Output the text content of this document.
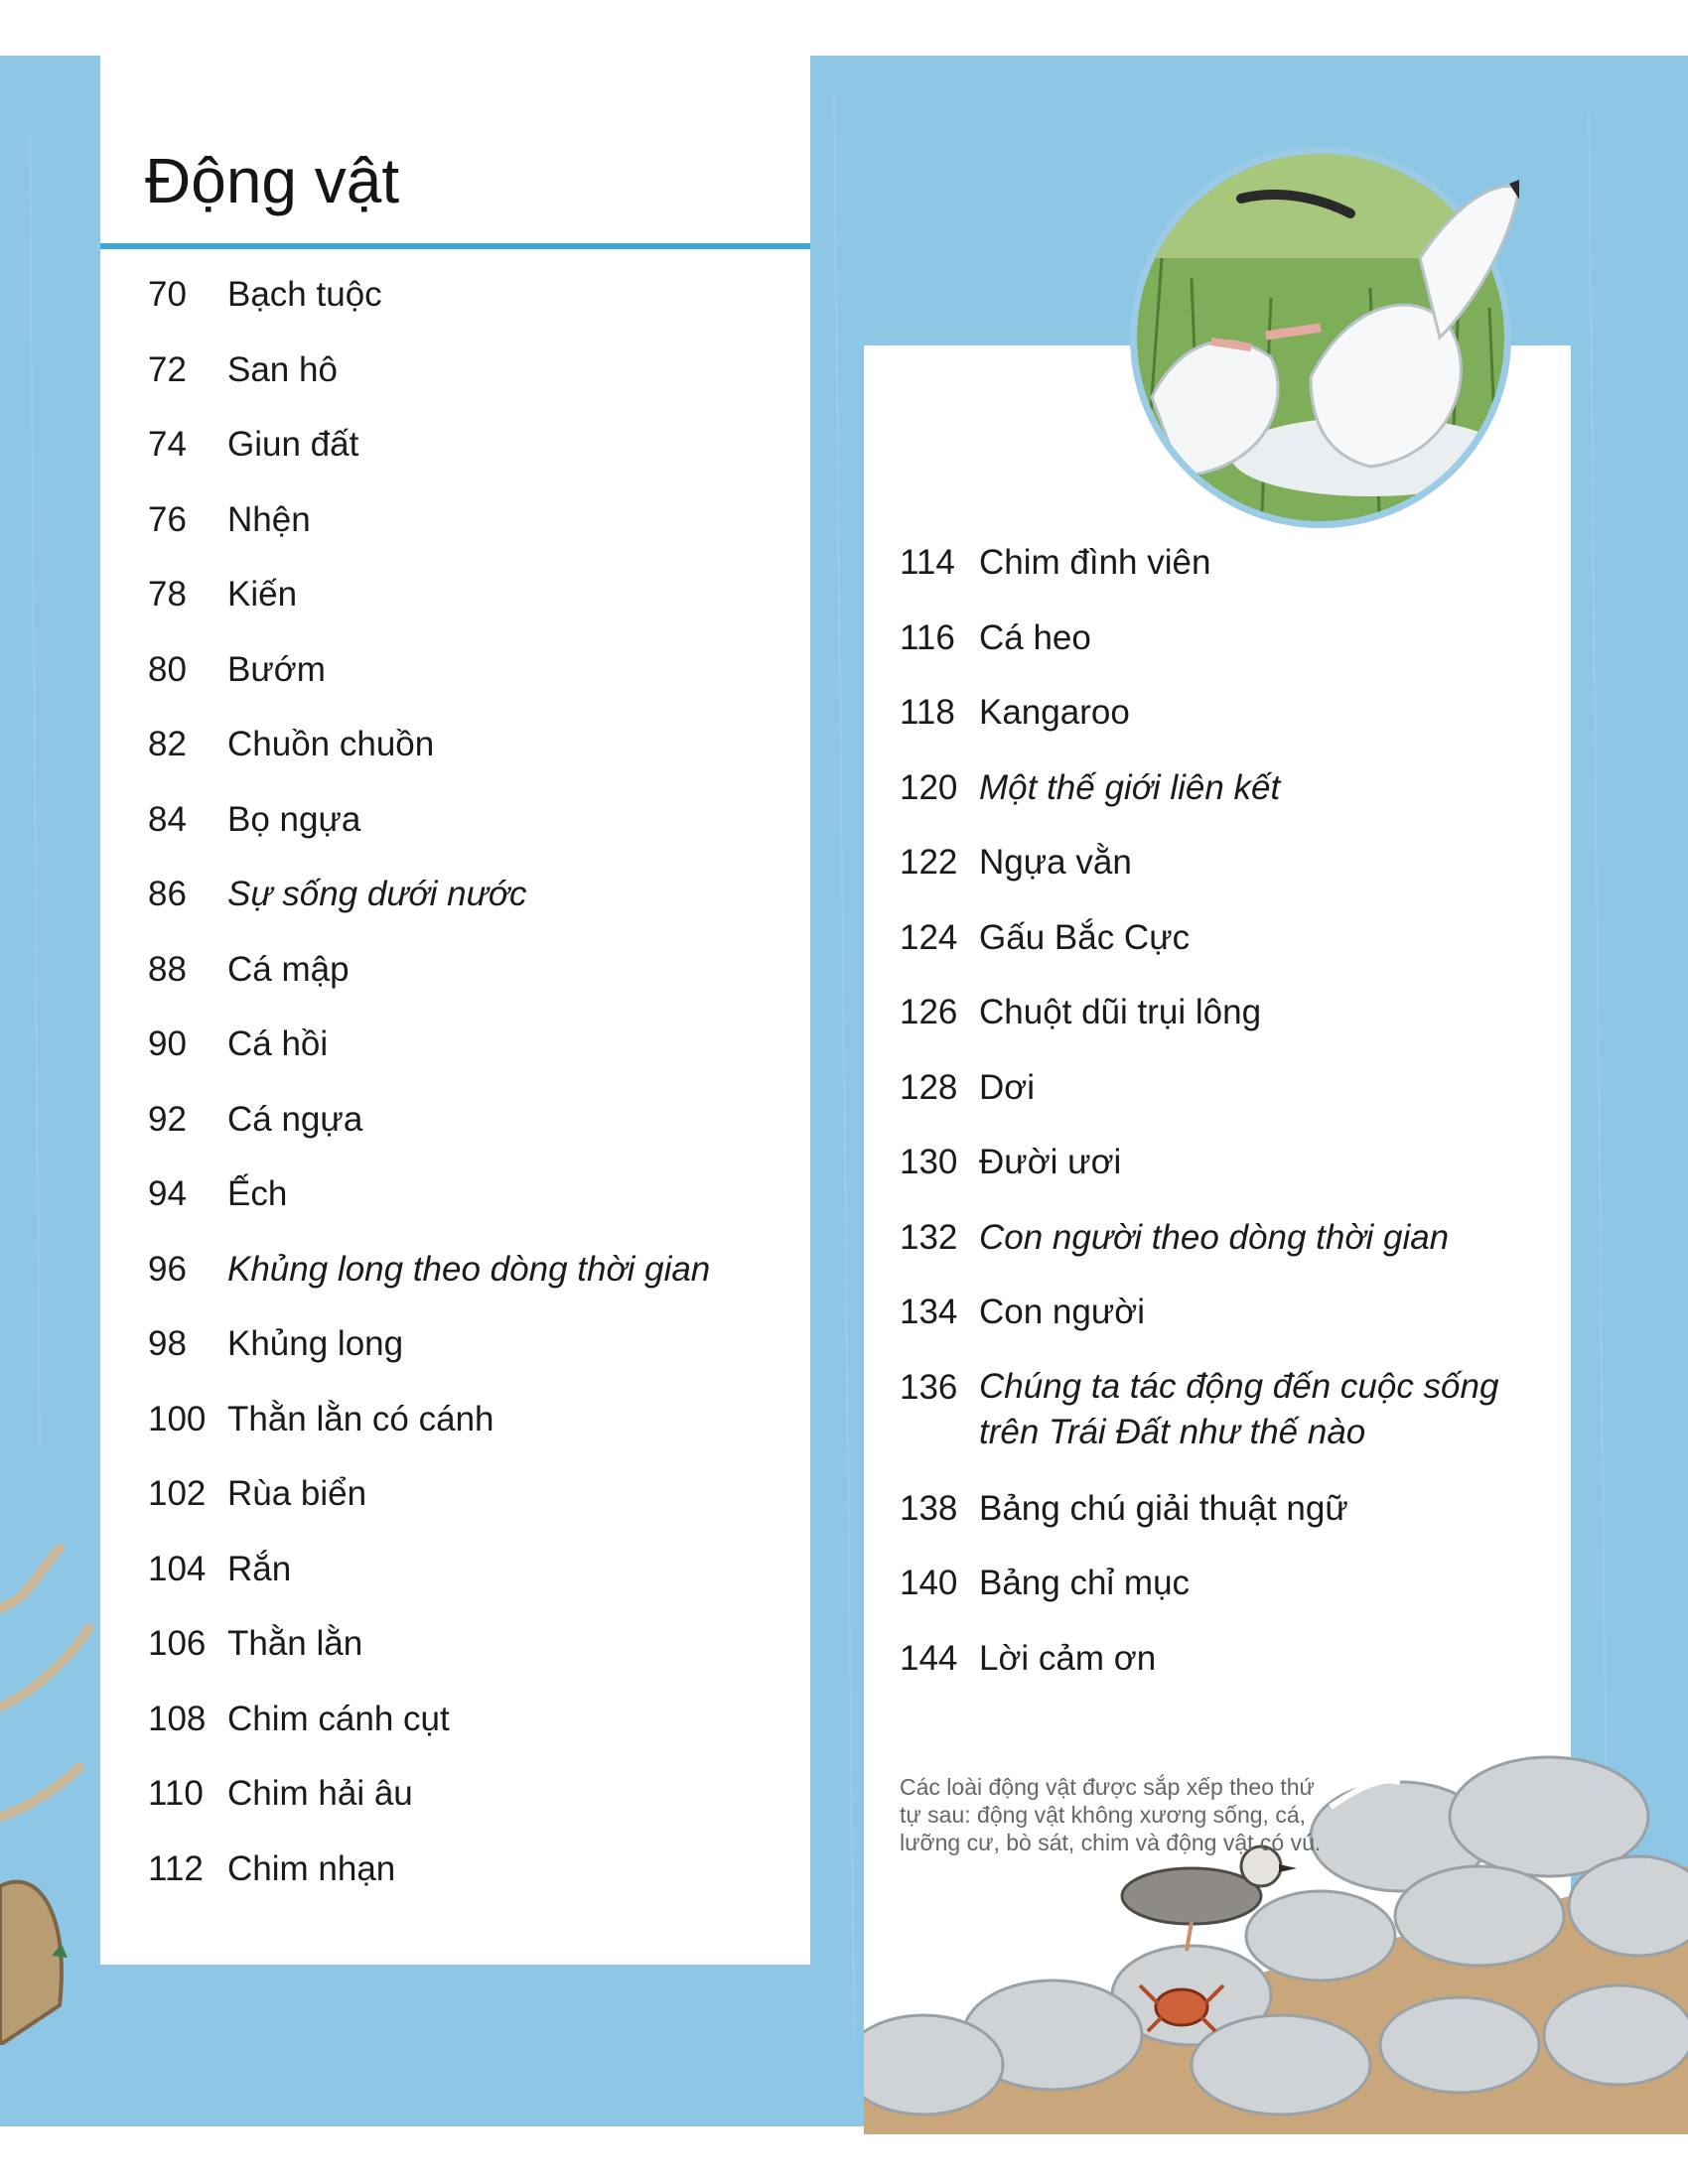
Động vật
70 Bạch tuộc
72 San hô
74 Giun đất
76 Nhện
78 Kiến
80 Bướm
82 Chuồn chuồn
84 Bọ ngựa
86 Sự sống dưới nước
88 Cá mập
90 Cá hồi
92 Cá ngựa
94 Ếch
96 Khủng long theo dòng thời gian
98 Khủng long
100 Thằn lằn có cánh
102 Rùa biển
104 Rắn
106 Thằn lằn
108 Chim cánh cụt
110 Chim hải âu
112 Chim nhạn
114 Chim đình viên
116 Cá heo
118 Kangaroo
120 Một thế giới liên kết
122 Ngựa vằn
124 Gấu Bắc Cực
126 Chuột dũi trụi lông
128 Dơi
130 Đười ươi
132 Con người theo dòng thời gian
134 Con người
136 Chúng ta tác động đến cuộc sống trên Trái Đất như thế nào
138 Bảng chú giải thuật ngữ
140 Bảng chỉ mục
144 Lời cảm ơn

Các loài động vật được sắp xếp theo thứ tự sau: động vật không xương sống, cá, lưỡng cư, bò sát, chim và động vật có vú.
